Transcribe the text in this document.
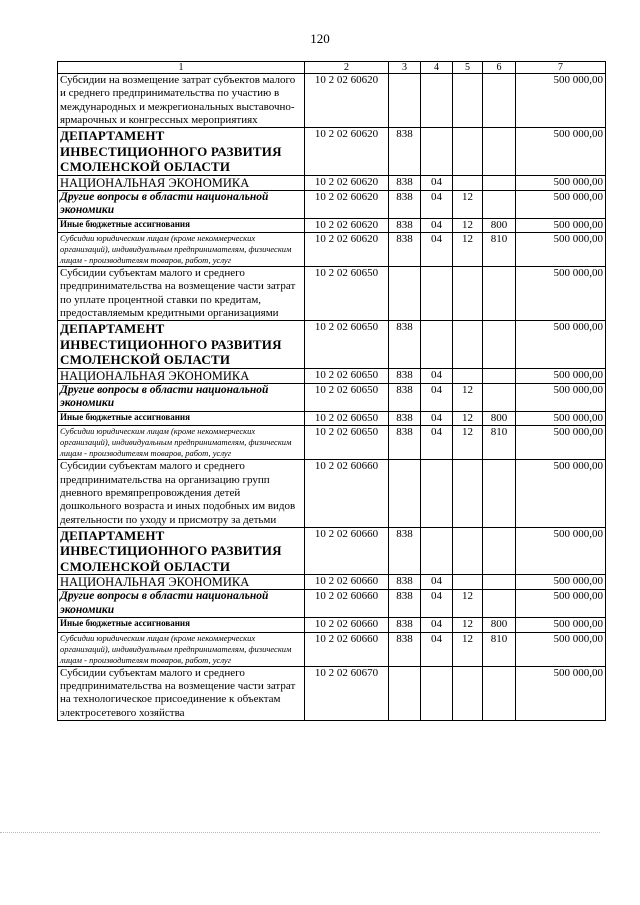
120
1	2	3	4	5	6	7
Субсидии на возмещение затрат субъектов малого и среднего предпринимательства по участию в международных и межрегиональных выставочно-ярмарочных и конгрессных мероприятиях	10 2 02 60620					500 000,00
ДЕПАРТАМЕНТ ИНВЕСТИЦИОННОГО РАЗВИТИЯ СМОЛЕНСКОЙ ОБЛАСТИ	10 2 02 60620	838				500 000,00
НАЦИОНАЛЬНАЯ ЭКОНОМИКА	10 2 02 60620	838	04			500 000,00
Другие вопросы в области национальной экономики	10 2 02 60620	838	04	12		500 000,00
Иные бюджетные ассигнования	10 2 02 60620	838	04	12	800	500 000,00
Субсидии юридическим лицам (кроме некоммерческих организаций), индивидуальным предпринимателям, физическим лицам - производителям товаров, работ, услуг	10 2 02 60620	838	04	12	810	500 000,00
Субсидии субъектам малого и среднего предпринимательства на возмещение части затрат по уплате процентной ставки по кредитам, предоставляемым кредитными организациями	10 2 02 60650					500 000,00
ДЕПАРТАМЕНТ ИНВЕСТИЦИОННОГО РАЗВИТИЯ СМОЛЕНСКОЙ ОБЛАСТИ	10 2 02 60650	838				500 000,00
НАЦИОНАЛЬНАЯ ЭКОНОМИКА	10 2 02 60650	838	04			500 000,00
Другие вопросы в области национальной экономики	10 2 02 60650	838	04	12		500 000,00
Иные бюджетные ассигнования	10 2 02 60650	838	04	12	800	500 000,00
Субсидии юридическим лицам (кроме некоммерческих организаций), индивидуальным предпринимателям, физическим лицам - производителям товаров, работ, услуг	10 2 02 60650	838	04	12	810	500 000,00
Субсидии субъектам малого и среднего предпринимательства на организацию групп дневного времяпрепровождения детей дошкольного возраста и иных подобных им видов деятельности по уходу и присмотру за детьми	10 2 02 60660					500 000,00
ДЕПАРТАМЕНТ ИНВЕСТИЦИОННОГО РАЗВИТИЯ СМОЛЕНСКОЙ ОБЛАСТИ	10 2 02 60660	838				500 000,00
НАЦИОНАЛЬНАЯ ЭКОНОМИКА	10 2 02 60660	838	04			500 000,00
Другие вопросы в области национальной экономики	10 2 02 60660	838	04	12		500 000,00
Иные бюджетные ассигнования	10 2 02 60660	838	04	12	800	500 000,00
Субсидии юридическим лицам (кроме некоммерческих организаций), индивидуальным предпринимателям, физическим лицам - производителям товаров, работ, услуг	10 2 02 60660	838	04	12	810	500 000,00
Субсидии субъектам малого и среднего предпринимательства на возмещение части затрат на технологическое присоединение к объектам электросетевого хозяйства	10 2 02 60670					500 000,00
